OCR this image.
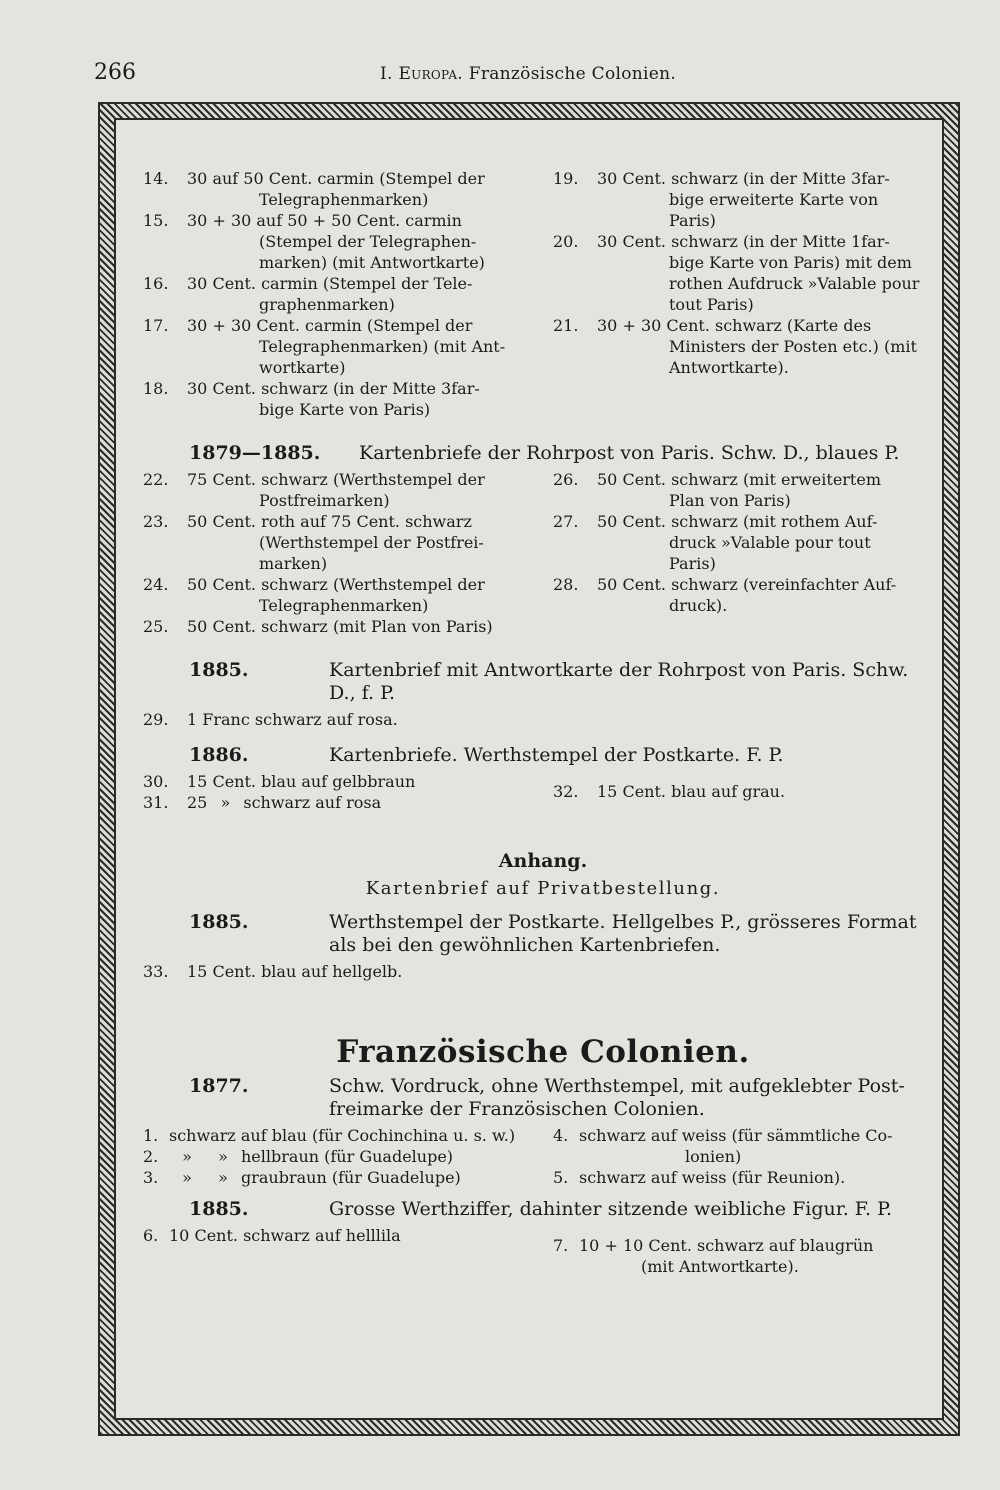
266	I. Europa. Französische Colonien.
14.	30 auf 50 Cent. carmin (Stempel der
Telegraphenmarken)
15.	30 + 30 auf 50 + 50 Cent. carmin
(Stempel der Telegraphen-
marken) (mit Antwortkarte)
16.	30 Cent. carmin (Stempel der Tele-
graphenmarken)
17.	30 + 30 Cent. carmin (Stempel der
Telegraphenmarken) (mit Ant-
wortkarte)
18.	30 Cent. schwarz (in der Mitte 3far-
bige Karte von Paris)
19.	30 Cent. schwarz (in der Mitte 3far-
bige erweiterte Karte von
Paris)
20.	30 Cent. schwarz (in der Mitte 1far-
bige Karte von Paris) mit dem
rothen Aufdruck »Valable pour
tout Paris)
21.	30 + 30 Cent. schwarz (Karte des
Ministers der Posten etc.) (mit
Antwortkarte).
1879—1885.	Kartenbriefe der Rohrpost von Paris. Schw. D., blaues P.
22.	75 Cent. schwarz (Werthstempel der
Postfreimarken)
23.	50 Cent. roth auf 75 Cent. schwarz
(Werthstempel der Postfrei-
marken)
24.	50 Cent. schwarz (Werthstempel der
Telegraphenmarken)
25.	50 Cent. schwarz (mit Plan von Paris)
26.	50 Cent. schwarz (mit erweitertem
Plan von Paris)
27.	50 Cent. schwarz (mit rothem Auf-
druck »Valable pour tout
Paris)
28.	50 Cent. schwarz (vereinfachter Auf-
druck).
1885.	Kartenbrief mit Antwortkarte der Rohrpost von Paris. Schw.
D., f. P.
29.	1 Franc schwarz auf rosa.
1886.	Kartenbriefe. Werthstempel der Postkarte. F. P.
30.	15 Cent. blau auf gelbbraun
31.	25 » schwarz auf rosa
32.	15 Cent. blau auf grau.
Anhang.
Kartenbrief auf Privatbestellung.
1885.	Werthstempel der Postkarte. Hellgelbes P., grösseres Format
als bei den gewöhnlichen Kartenbriefen.
33.	15 Cent. blau auf hellgelb.
Französische Colonien.
1877.	Schw. Vordruck, ohne Werthstempel, mit aufgeklebter Post-
freimarke der Französischen Colonien.
1. schwarz auf blau (für Cochinchina u. s. w.)
2.	»	» hellbraun (für Guadelupe)
3.	»	» graubraun (für Guadelupe)
4. schwarz auf weiss (für sämmtliche Co-
lonien)
5. schwarz auf weiss (für Reunion).
1885.	Grosse Werthziffer, dahinter sitzende weibliche Figur. F. P.
6. 10 Cent. schwarz auf helllila
7. 10 + 10 Cent. schwarz auf blaugrün
(mit Antwortkarte).
